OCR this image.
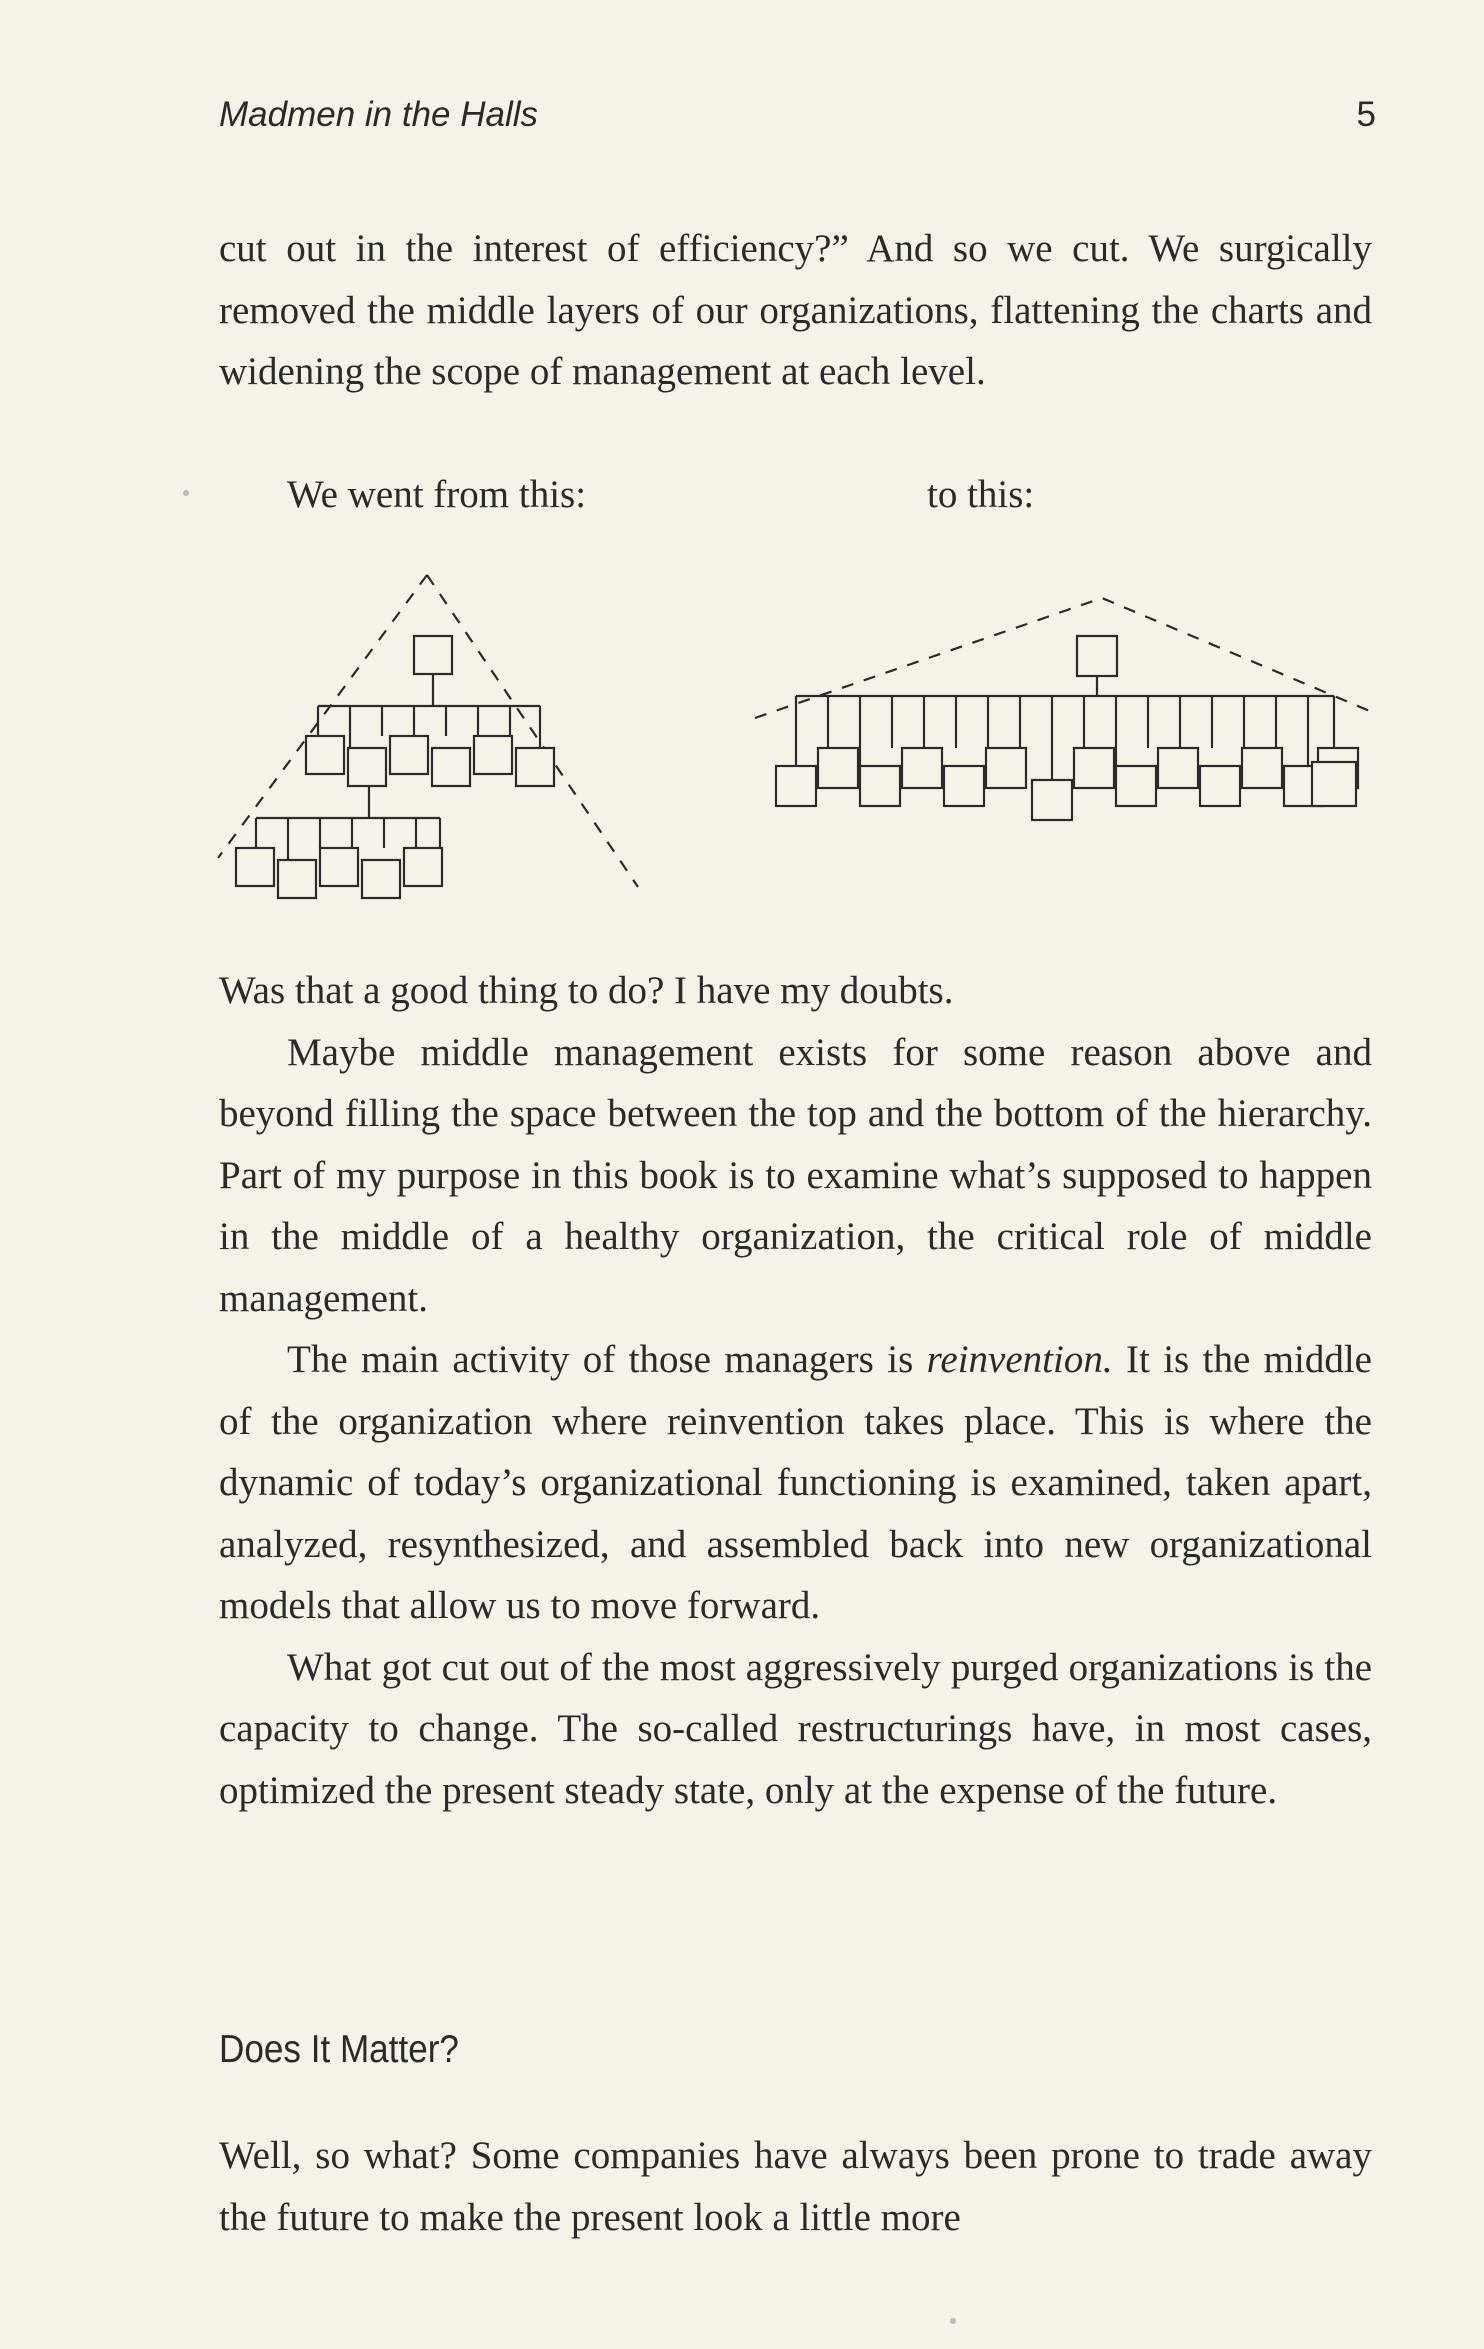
Madmen in the Halls	5

cut out in the interest of efficiency?” And so we cut. We surgically removed the middle layers of our organizations, flattening the charts and widening the scope of management at each level.

We went from this:	to this:

Was that a good thing to do? I have my doubts.

Maybe middle management exists for some reason above and beyond filling the space between the top and the bottom of the hierarchy. Part of my purpose in this book is to examine what’s supposed to happen in the middle of a healthy organization, the critical role of middle management.

The main activity of those managers is reinvention. It is the middle of the organization where reinvention takes place. This is where the dynamic of today’s organizational functioning is examined, taken apart, analyzed, resynthesized, and assembled back into new organizational models that allow us to move forward.

What got cut out of the most aggressively purged organizations is the capacity to change. The so-called restructurings have, in most cases, optimized the present steady state, only at the expense of the future.

Does It Matter?

Well, so what? Some companies have always been prone to trade away the future to make the present look a little more
